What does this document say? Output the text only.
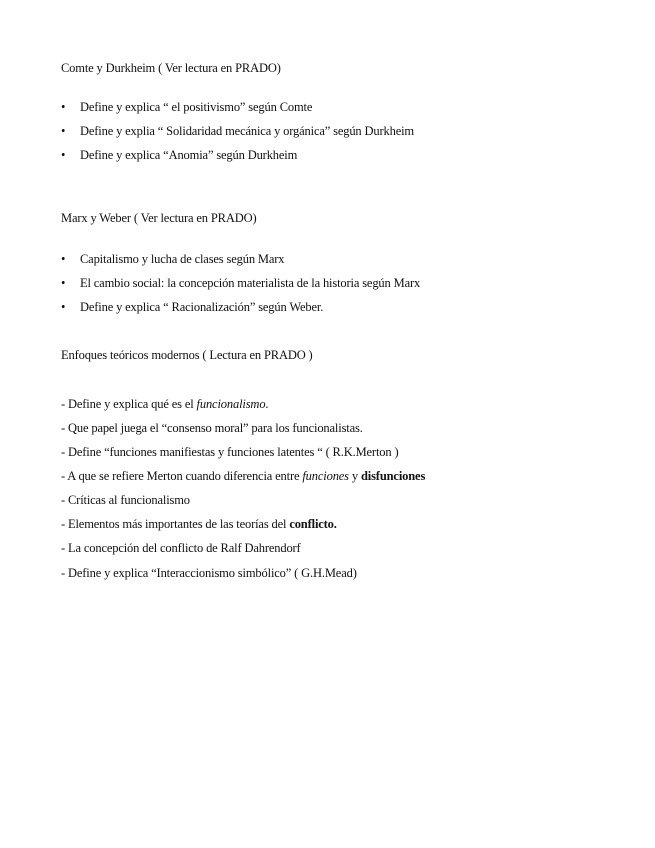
Comte y Durkheim ( Ver lectura en PRADO)
• Define y explica “ el positivismo” según Comte
• Define y explia “ Solidaridad mecánica y orgánica” según Durkheim
• Define y explica “Anomia” según Durkheim
Marx y Weber ( Ver lectura en PRADO)
• Capitalismo y lucha de clases según Marx
• El cambio social: la concepción materialista de la historia según Marx
• Define y explica “ Racionalización” según Weber.
Enfoques teóricos modernos ( Lectura en PRADO )
- Define y explica qué es el funcionalismo.
- Que papel juega el “consenso moral” para los funcionalistas.
- Define “funciones manifiestas y funciones latentes “ ( R.K.Merton )
- A que se refiere Merton cuando diferencia entre funciones y disfunciones
- Críticas al funcionalismo
- Elementos más importantes de las teorías del conflicto.
- La concepción del conflicto de Ralf Dahrendorf
- Define y explica “Interaccionismo simbólico” ( G.H.Mead)
